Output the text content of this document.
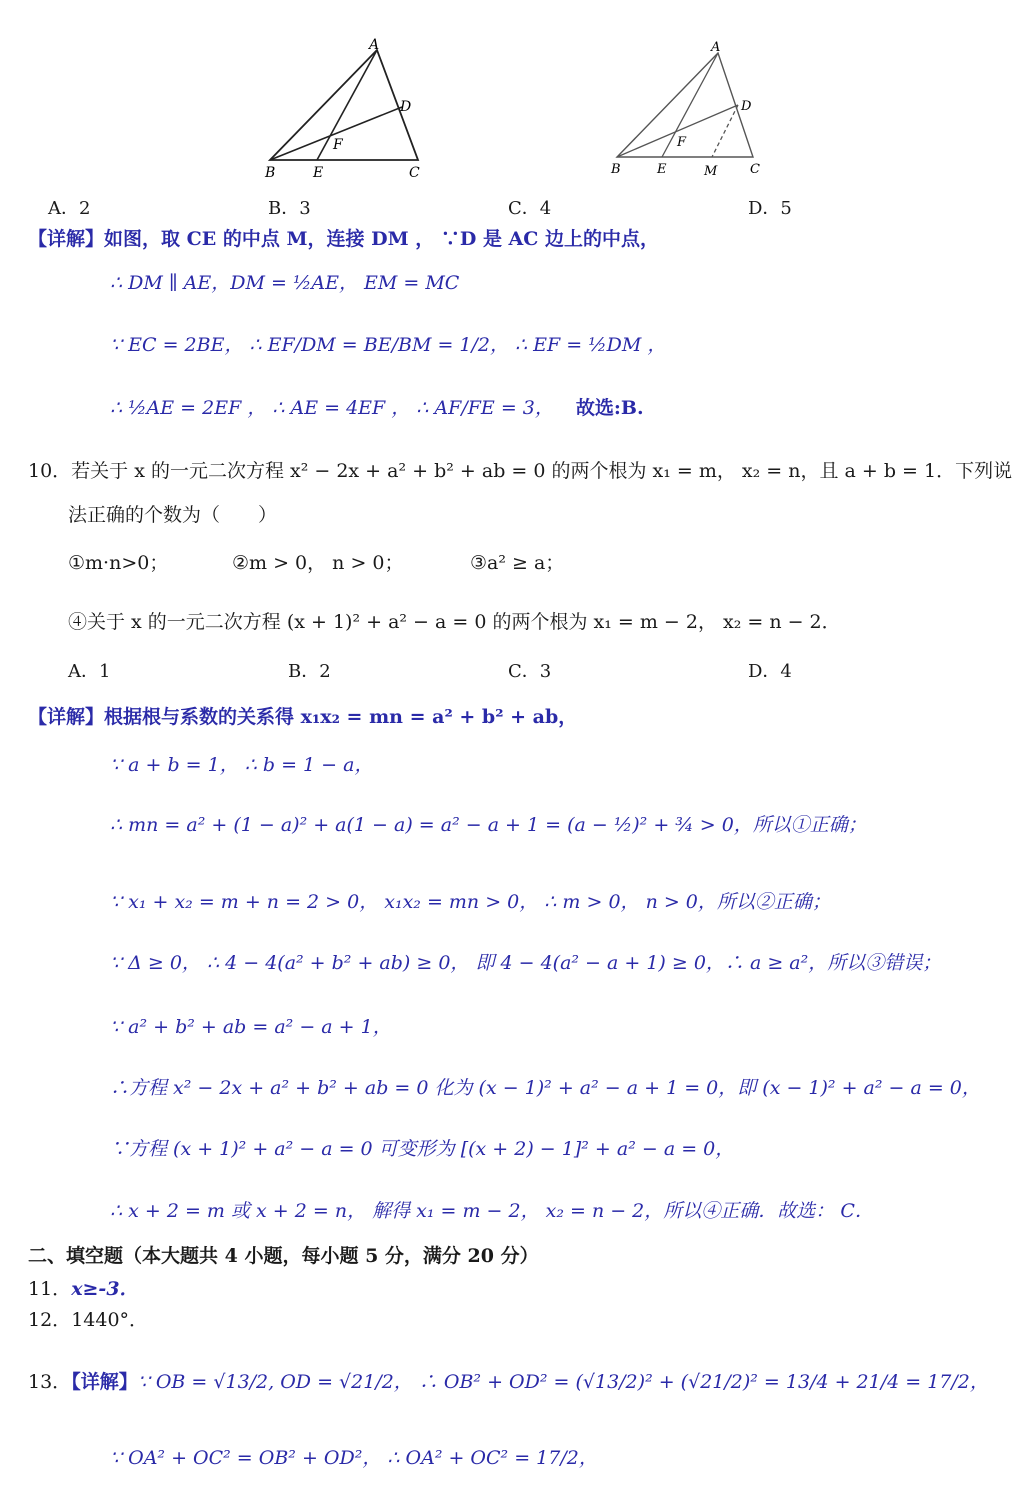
A
B	C
D
E
F
A
B	C
D
E
F
M
A．2	B．3	C．4	D．5
【详解】如图，取 CE 的中点 M，连接 DM ， ∵D 是 AC 边上的中点，
∴ DM ∥ AE，DM = ½AE， EM = MC
∵ EC = 2BE， ∴ EF/DM = BE/BM = 1/2， ∴ EF = ½DM ，
∴ ½AE = 2EF ， ∴ AE = 4EF ， ∴ AF/FE = 3， 故选:B.
10．若关于 x 的一元二次方程 x² − 2x + a² + b² + ab = 0 的两个根为 x₁ = m， x₂ = n，且 a + b = 1．下列说
法正确的个数为（　　）
①m·n>0；	②m > 0， n > 0；	③a² ≥ a；
④关于 x 的一元二次方程 (x + 1)² + a² − a = 0 的两个根为 x₁ = m − 2， x₂ = n − 2．
A．1	B．2	C．3	D．4
【详解】根据根与系数的关系得 x₁x₂ = mn = a² + b² + ab，
∵ a + b = 1， ∴ b = 1 − a，
∴ mn = a² + (1 − a)² + a(1 − a) = a² − a + 1 = (a − ½)² + ¾ > 0，所以①正确；
∵ x₁ + x₂ = m + n = 2 > 0， x₁x₂ = mn > 0， ∴ m > 0， n > 0，所以②正确；
∵ Δ ≥ 0， ∴ 4 − 4(a² + b² + ab) ≥ 0， 即 4 − 4(a² − a + 1) ≥ 0，∴ a ≥ a²，所以③错误；
∵ a² + b² + ab = a² − a + 1，
∴方程 x² − 2x + a² + b² + ab = 0 化为 (x − 1)² + a² − a + 1 = 0，即 (x − 1)² + a² − a = 0，
∵方程 (x + 1)² + a² − a = 0 可变形为 [(x + 2) − 1]² + a² − a = 0，
∴ x + 2 = m 或 x + 2 = n， 解得 x₁ = m − 2， x₂ = n − 2，所以④正确．故选： C．
二、填空题（本大题共 4 小题，每小题 5 分，满分 20 分）
11．x≥-3．
12．1440°．
13．【详解】∵ OB = √13/2, OD = √21/2， ∴ OB² + OD² = (√13/2)² + (√21/2)² = 13/4 + 21/4 = 17/2，
∵ OA² + OC² = OB² + OD²， ∴ OA² + OC² = 17/2，
